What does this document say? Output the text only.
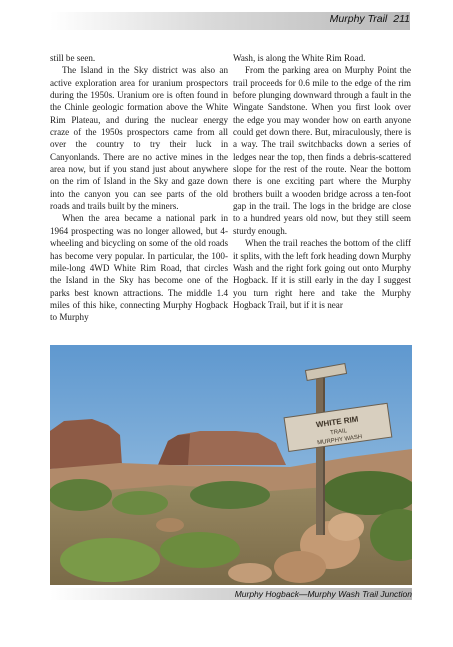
Murphy Trail 211

still be seen.

The Island in the Sky district was also an active exploration area for uranium prospectors during the 1950s. Uranium ore is often found in the Chinle geologic formation above the White Rim Plateau, and during the nuclear energy craze of the 1950s prospectors came from all over the country to try their luck in Canyonlands. There are no active mines in the area now, but if you stand just about anywhere on the rim of Island in the Sky and gaze down into the canyon you can see parts of the old roads and trails built by the miners.

When the area became a national park in 1964 prospecting was no longer allowed, but 4-wheeling and bicycling on some of the old roads has become very popular. In particular, the 100-mile-long 4WD White Rim Road, that circles the Island in the Sky has become one of the parks best known attractions. The middle 1.4 miles of this hike, connecting Murphy Hogback to Murphy

Wash, is along the White Rim Road.

From the parking area on Murphy Point the trail proceeds for 0.6 mile to the edge of the rim before plunging downward through a fault in the Wingate Sandstone. When you first look over the edge you may wonder how on earth anyone could get down there. But, miraculously, there is a way. The trail switchbacks down a series of ledges near the top, then finds a debris-scattered slope for the rest of the route. Near the bottom there is one exciting part where the Murphy brothers built a wooden bridge across a ten-foot gap in the trail. The logs in the bridge are close to a hundred years old now, but they still seem sturdy enough.

When the trail reaches the bottom of the cliff it splits, with the left fork heading down Murphy Wash and the right fork going out onto Murphy Hogback. If it is still early in the day I suggest you turn right here and take the Murphy Hogback Trail, but if it is near

WHITE RIM
TRAIL
MURPHY WASH
Murphy Hogback—Murphy Wash Trail Junction
